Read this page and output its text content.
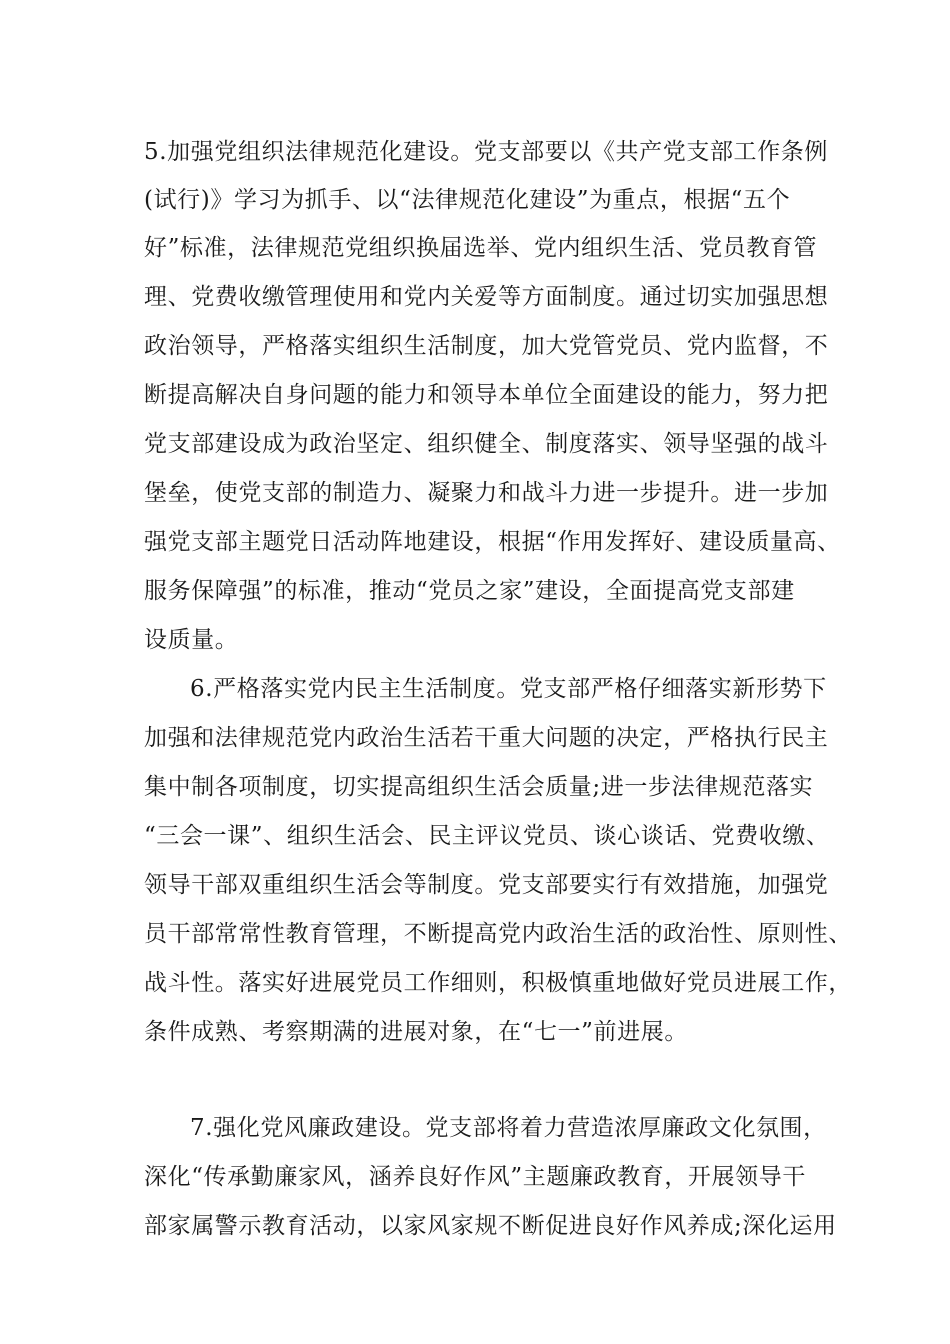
5.加强党组织法律规范化建设。党支部要以《共产党支部工作条例

(试行)》学习为抓手、以“法律规范化建设”为重点，根据“五个

好”标准，法律规范党组织换届选举、党内组织生活、党员教育管

理、党费收缴管理使用和党内关爱等方面制度。通过切实加强思想

政治领导，严格落实组织生活制度，加大党管党员、党内监督，不

断提高解决自身问题的能力和领导本单位全面建设的能力，努力把

党支部建设成为政治坚定、组织健全、制度落实、领导坚强的战斗

堡垒，使党支部的制造力、凝聚力和战斗力进一步提升。进一步加

强党支部主题党日活动阵地建设，根据“作用发挥好、建设质量高、

服务保障强”的标准，推动“党员之家”建设，全面提高党支部建

设质量。

6.严格落实党内民主生活制度。党支部严格仔细落实新形势下

加强和法律规范党内政治生活若干重大问题的决定，严格执行民主

集中制各项制度，切实提高组织生活会质量;进一步法律规范落实

“三会一课”、组织生活会、民主评议党员、谈心谈话、党费收缴、

领导干部双重组织生活会等制度。党支部要实行有效措施，加强党

员干部常常性教育管理，不断提高党内政治生活的政治性、原则性、

战斗性。落实好进展党员工作细则，积极慎重地做好党员进展工作，

条件成熟、考察期满的进展对象，在“七一”前进展。

7.强化党风廉政建设。党支部将着力营造浓厚廉政文化氛围，

深化“传承勤廉家风，涵养良好作风”主题廉政教育，开展领导干

部家属警示教育活动，以家风家规不断促进良好作风养成;深化运用
